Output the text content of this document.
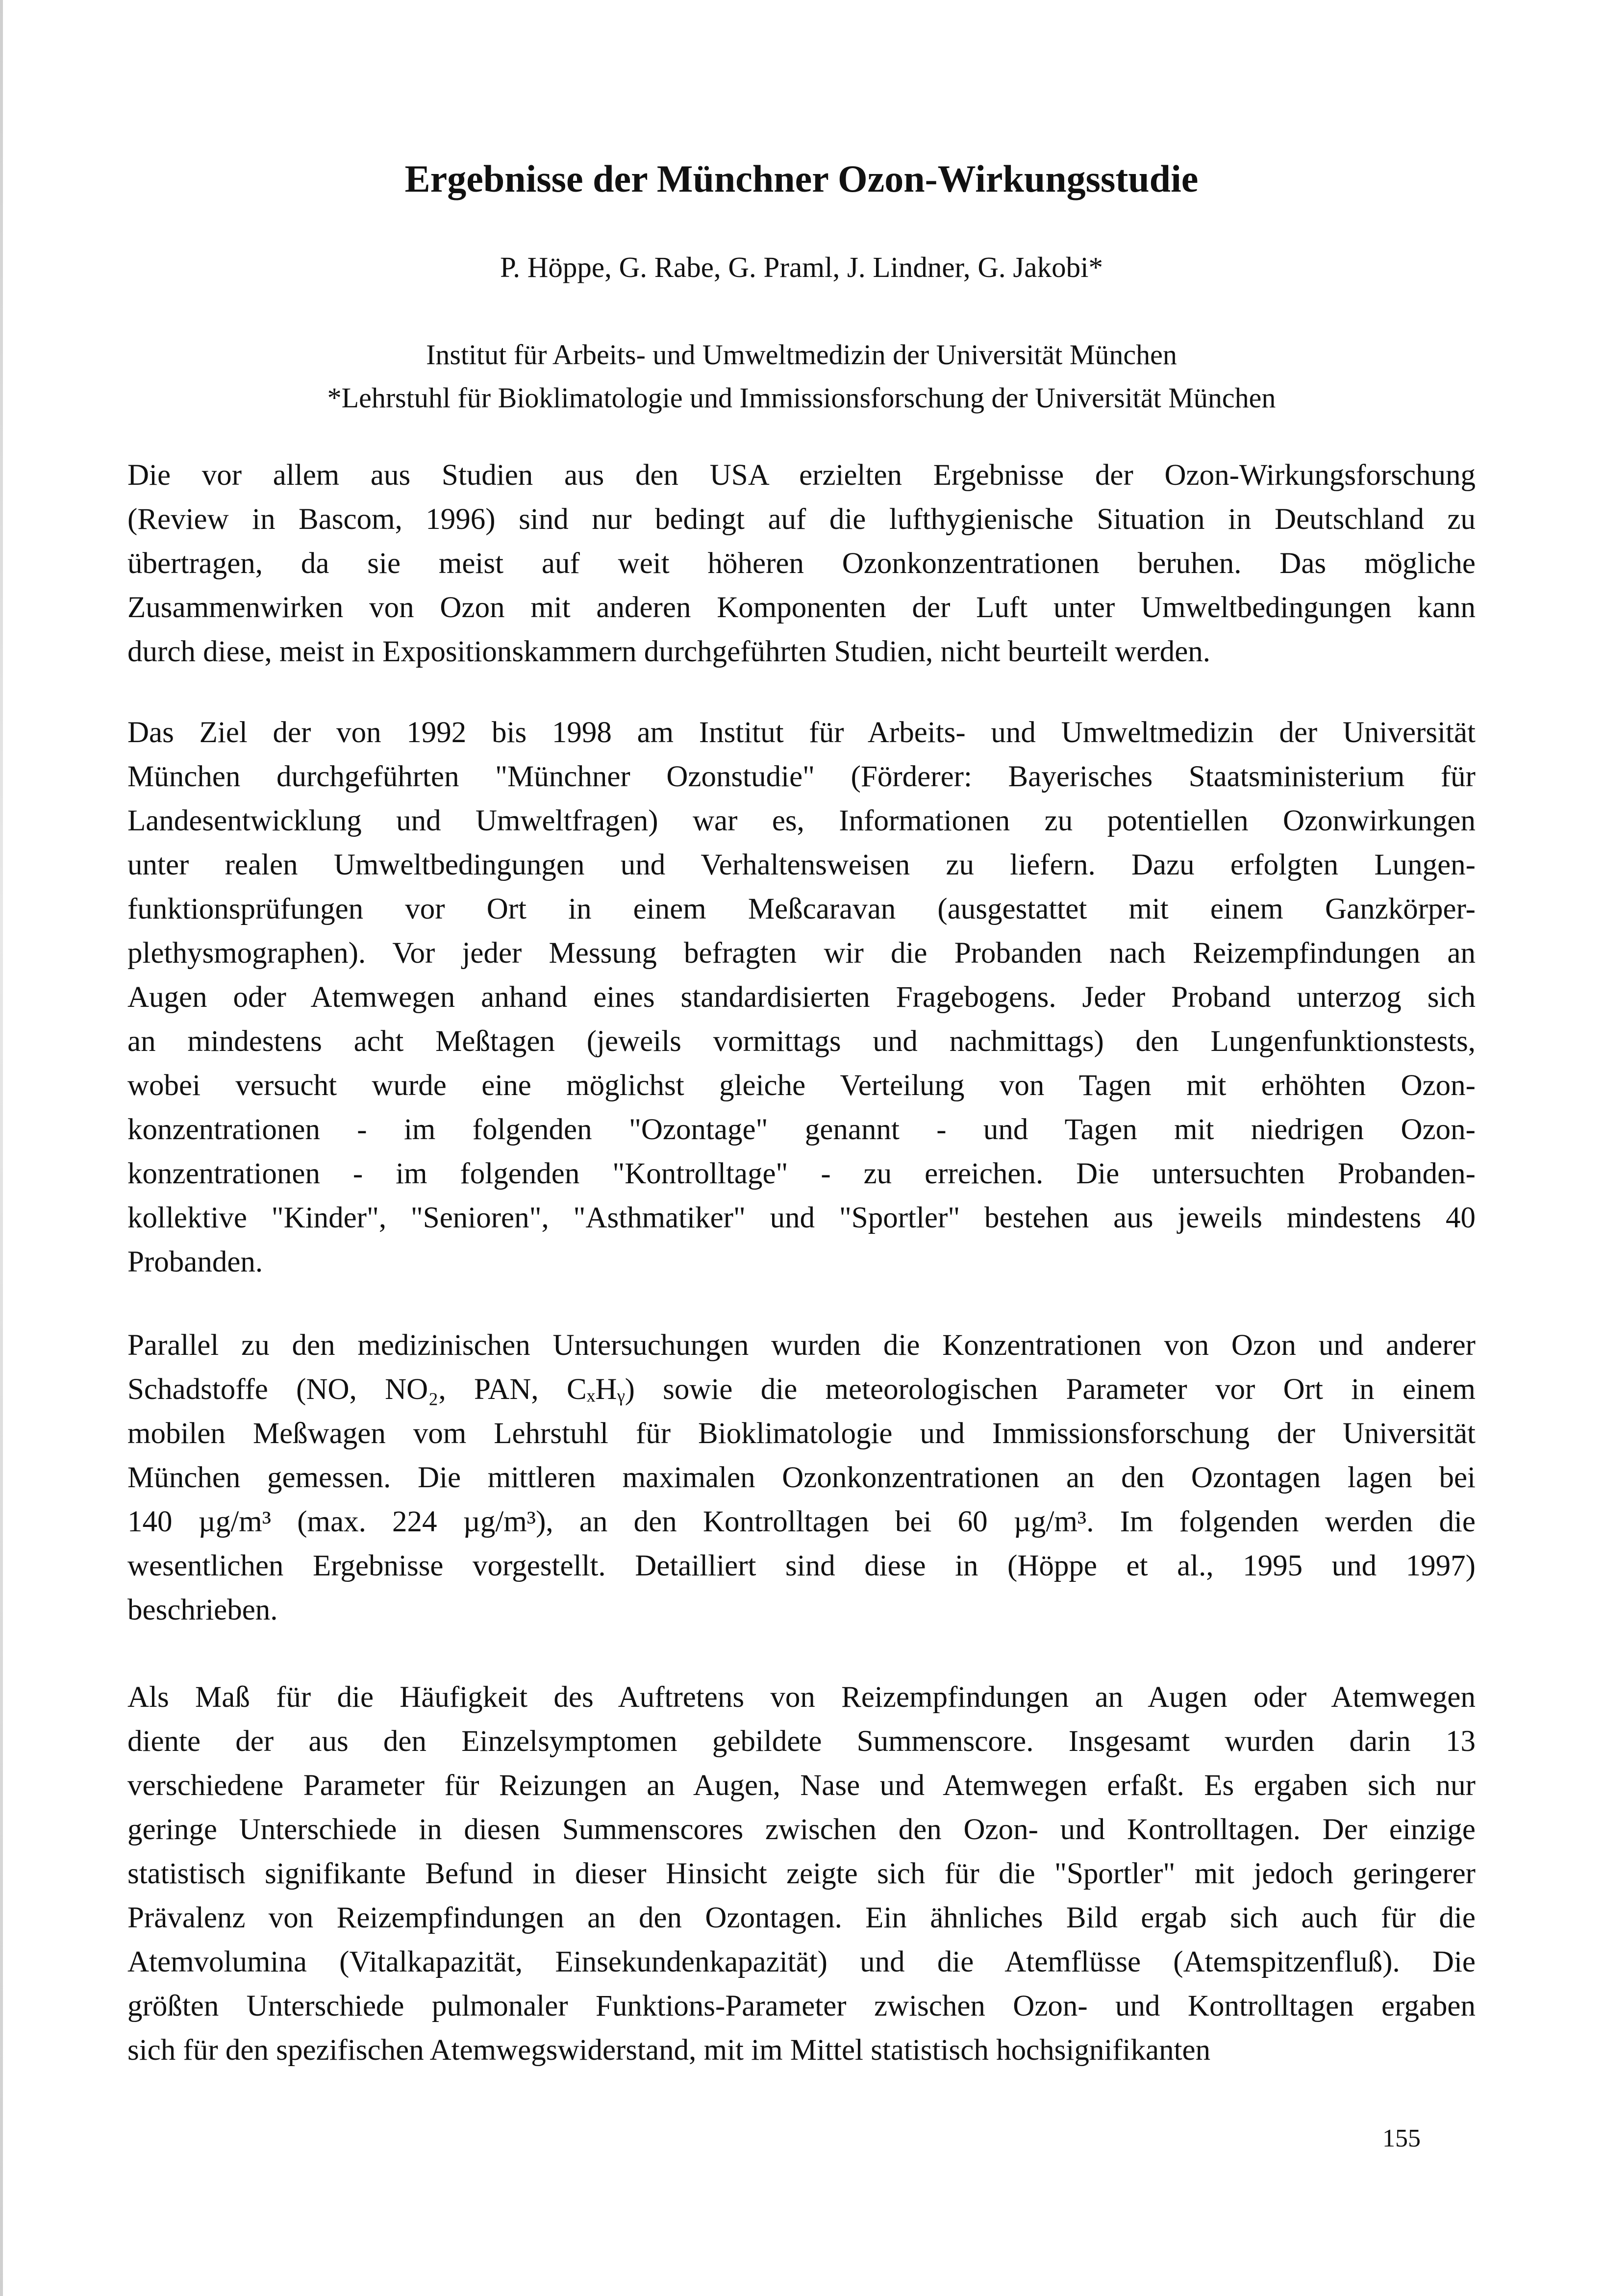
Ergebnisse der Münchner Ozon-Wirkungsstudie

P. Höppe, G. Rabe, G. Praml, J. Lindner, G. Jakobi*

Institut für Arbeits- und Umweltmedizin der Universität München
*Lehrstuhl für Bioklimatologie und Immissionsforschung der Universität München
Die vor allem aus Studien aus den USA erzielten Ergebnisse der Ozon-Wirkungsforschung
(Review in Bascom, 1996) sind nur bedingt auf die lufthygienische Situation in Deutschland zu
übertragen, da sie meist auf weit höheren Ozonkonzentrationen beruhen. Das mögliche
Zusammenwirken von Ozon mit anderen Komponenten der Luft unter Umweltbedingungen kann
durch diese, meist in Expositionskammern durchgeführten Studien, nicht beurteilt werden.
Das Ziel der von 1992 bis 1998 am Institut für Arbeits- und Umweltmedizin der Universität
München durchgeführten "Münchner Ozonstudie" (Förderer: Bayerisches Staatsministerium für
Landesentwicklung und Umweltfragen) war es, Informationen zu potentiellen Ozonwirkungen
unter realen Umweltbedingungen und Verhaltensweisen zu liefern. Dazu erfolgten Lungen-
funktionsprüfungen vor Ort in einem Meßcaravan (ausgestattet mit einem Ganzkörper-
plethysmographen). Vor jeder Messung befragten wir die Probanden nach Reizempfindungen an
Augen oder Atemwegen anhand eines standardisierten Fragebogens. Jeder Proband unterzog sich
an mindestens acht Meßtagen (jeweils vormittags und nachmittags) den Lungenfunktionstests,
wobei versucht wurde eine möglichst gleiche Verteilung von Tagen mit erhöhten Ozon-
konzentrationen - im folgenden "Ozontage" genannt - und Tagen mit niedrigen Ozon-
konzentrationen - im folgenden "Kontrolltage" - zu erreichen. Die untersuchten Probanden-
kollektive "Kinder", "Senioren", "Asthmatiker" und "Sportler" bestehen aus jeweils mindestens 40
Probanden.
Parallel zu den medizinischen Untersuchungen wurden die Konzentrationen von Ozon und anderer
Schadstoffe (NO, NO₂, PAN, CₓHᵧ) sowie die meteorologischen Parameter vor Ort in einem
mobilen Meßwagen vom Lehrstuhl für Bioklimatologie und Immissionsforschung der Universität
München gemessen. Die mittleren maximalen Ozonkonzentrationen an den Ozontagen lagen bei
140 µg/m³ (max. 224 µg/m³), an den Kontrolltagen bei 60 µg/m³. Im folgenden werden die
wesentlichen Ergebnisse vorgestellt. Detailliert sind diese in (Höppe et al., 1995 und 1997)
beschrieben.
Als Maß für die Häufigkeit des Auftretens von Reizempfindungen an Augen oder Atemwegen
diente der aus den Einzelsymptomen gebildete Summenscore. Insgesamt wurden darin 13
verschiedene Parameter für Reizungen an Augen, Nase und Atemwegen erfaßt. Es ergaben sich nur
geringe Unterschiede in diesen Summenscores zwischen den Ozon- und Kontrolltagen. Der einzige
statistisch signifikante Befund in dieser Hinsicht zeigte sich für die "Sportler" mit jedoch geringerer
Prävalenz von Reizempfindungen an den Ozontagen. Ein ähnliches Bild ergab sich auch für die
Atemvolumina (Vitalkapazität, Einsekundenkapazität) und die Atemflüsse (Atemspitzenfluß). Die
größten Unterschiede pulmonaler Funktions-Parameter zwischen Ozon- und Kontrolltagen ergaben
sich für den spezifischen Atemwegswiderstand, mit im Mittel statistisch hochsignifikanten

155
